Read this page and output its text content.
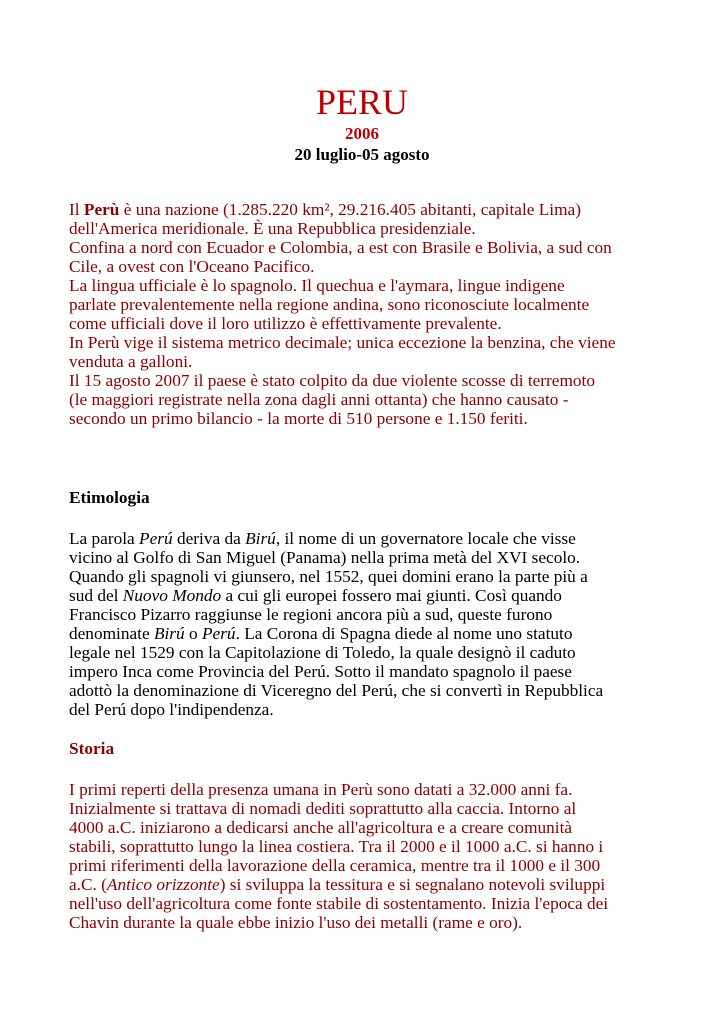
PERU
2006
20 luglio-05 agosto
Il Perù è una nazione (1.285.220 km², 29.216.405 abitanti, capitale Lima)
dell'America meridionale. È una Repubblica presidenziale.
Confina a nord con Ecuador e Colombia, a est con Brasile e Bolivia, a sud con
Cile, a ovest con l'Oceano Pacifico.
La lingua ufficiale è lo spagnolo. Il quechua e l'aymara, lingue indigene
parlate prevalentemente nella regione andina, sono riconosciute localmente
come ufficiali dove il loro utilizzo è effettivamente prevalente.
In Perù vige il sistema metrico decimale; unica eccezione la benzina, che viene
venduta a galloni.
Il 15 agosto 2007 il paese è stato colpito da due violente scosse di terremoto
(le maggiori registrate nella zona dagli anni ottanta) che hanno causato -
secondo un primo bilancio - la morte di 510 persone e 1.150 feriti.
Etimologia
La parola Perú deriva da Birú, il nome di un governatore locale che visse
vicino al Golfo di San Miguel (Panama) nella prima metà del XVI secolo.
Quando gli spagnoli vi giunsero, nel 1552, quei domini erano la parte più a
sud del Nuovo Mondo a cui gli europei fossero mai giunti. Così quando
Francisco Pizarro raggiunse le regioni ancora più a sud, queste furono
denominate Birú o Perú. La Corona di Spagna diede al nome uno statuto
legale nel 1529 con la Capitolazione di Toledo, la quale designò il caduto
impero Inca come Provincia del Perú. Sotto il mandato spagnolo il paese
adottò la denominazione di Viceregno del Perú, che si convertì in Repubblica
del Perú dopo l'indipendenza.
Storia
I primi reperti della presenza umana in Perù sono datati a 32.000 anni fa.
Inizialmente si trattava di nomadi dediti soprattutto alla caccia. Intorno al
4000 a.C. iniziarono a dedicarsi anche all'agricoltura e a creare comunità
stabili, soprattutto lungo la linea costiera. Tra il 2000 e il 1000 a.C. si hanno i
primi riferimenti della lavorazione della ceramica, mentre tra il 1000 e il 300
a.C. (Antico orizzonte) si sviluppa la tessitura e si segnalano notevoli sviluppi
nell'uso dell'agricoltura come fonte stabile di sostentamento. Inizia l'epoca dei
Chavin durante la quale ebbe inizio l'uso dei metalli (rame e oro).
